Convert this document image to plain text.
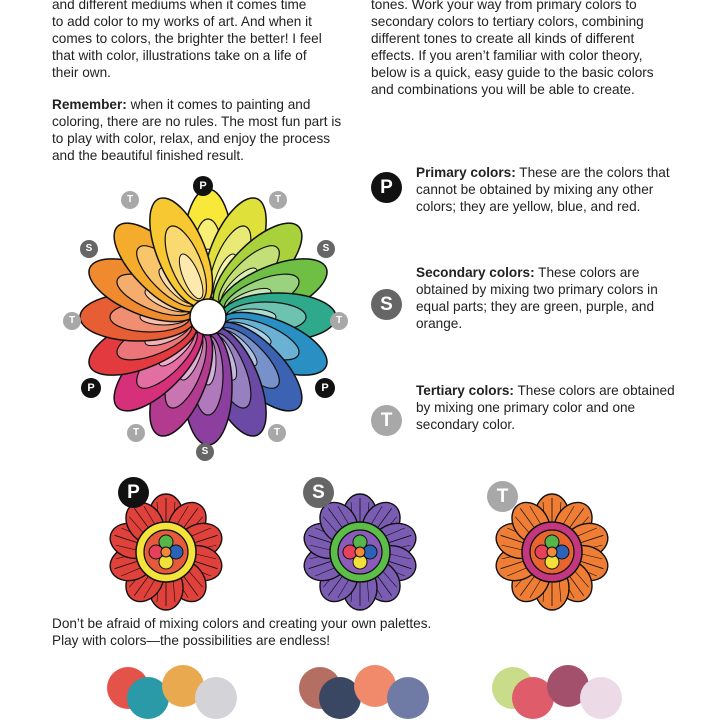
and different mediums when it comes time
to add color to my works of art. And when it
comes to colors, the brighter the better! I feel
that with color, illustrations take on a life of
their own.
tones. Work your way from primary colors to
secondary colors to tertiary colors, combining
different tones to create all kinds of different
effects. If you aren’t familiar with color theory,
below is a quick, easy guide to the basic colors
and combinations you will be able to create.
Remember: when it comes to painting and coloring, there are no rules. The most fun part is to play with color, relax, and enjoy the process and the beautiful finished result.
P
Primary colors: These are the colors that cannot be obtained by mixing any other colors; they are yellow, blue, and red.
S
Secondary colors: These colors are obtained by mixing two primary colors in equal parts; they are green, purple, and orange.
T
Tertiary colors: These colors are obtained by mixing one primary color and one secondary color.
P	S	T
P
T	T
S	S
T	T
P	P
T	T
S
Don’t be afraid of mixing colors and creating your own palettes.
Play with colors—the possibilities are endless!
